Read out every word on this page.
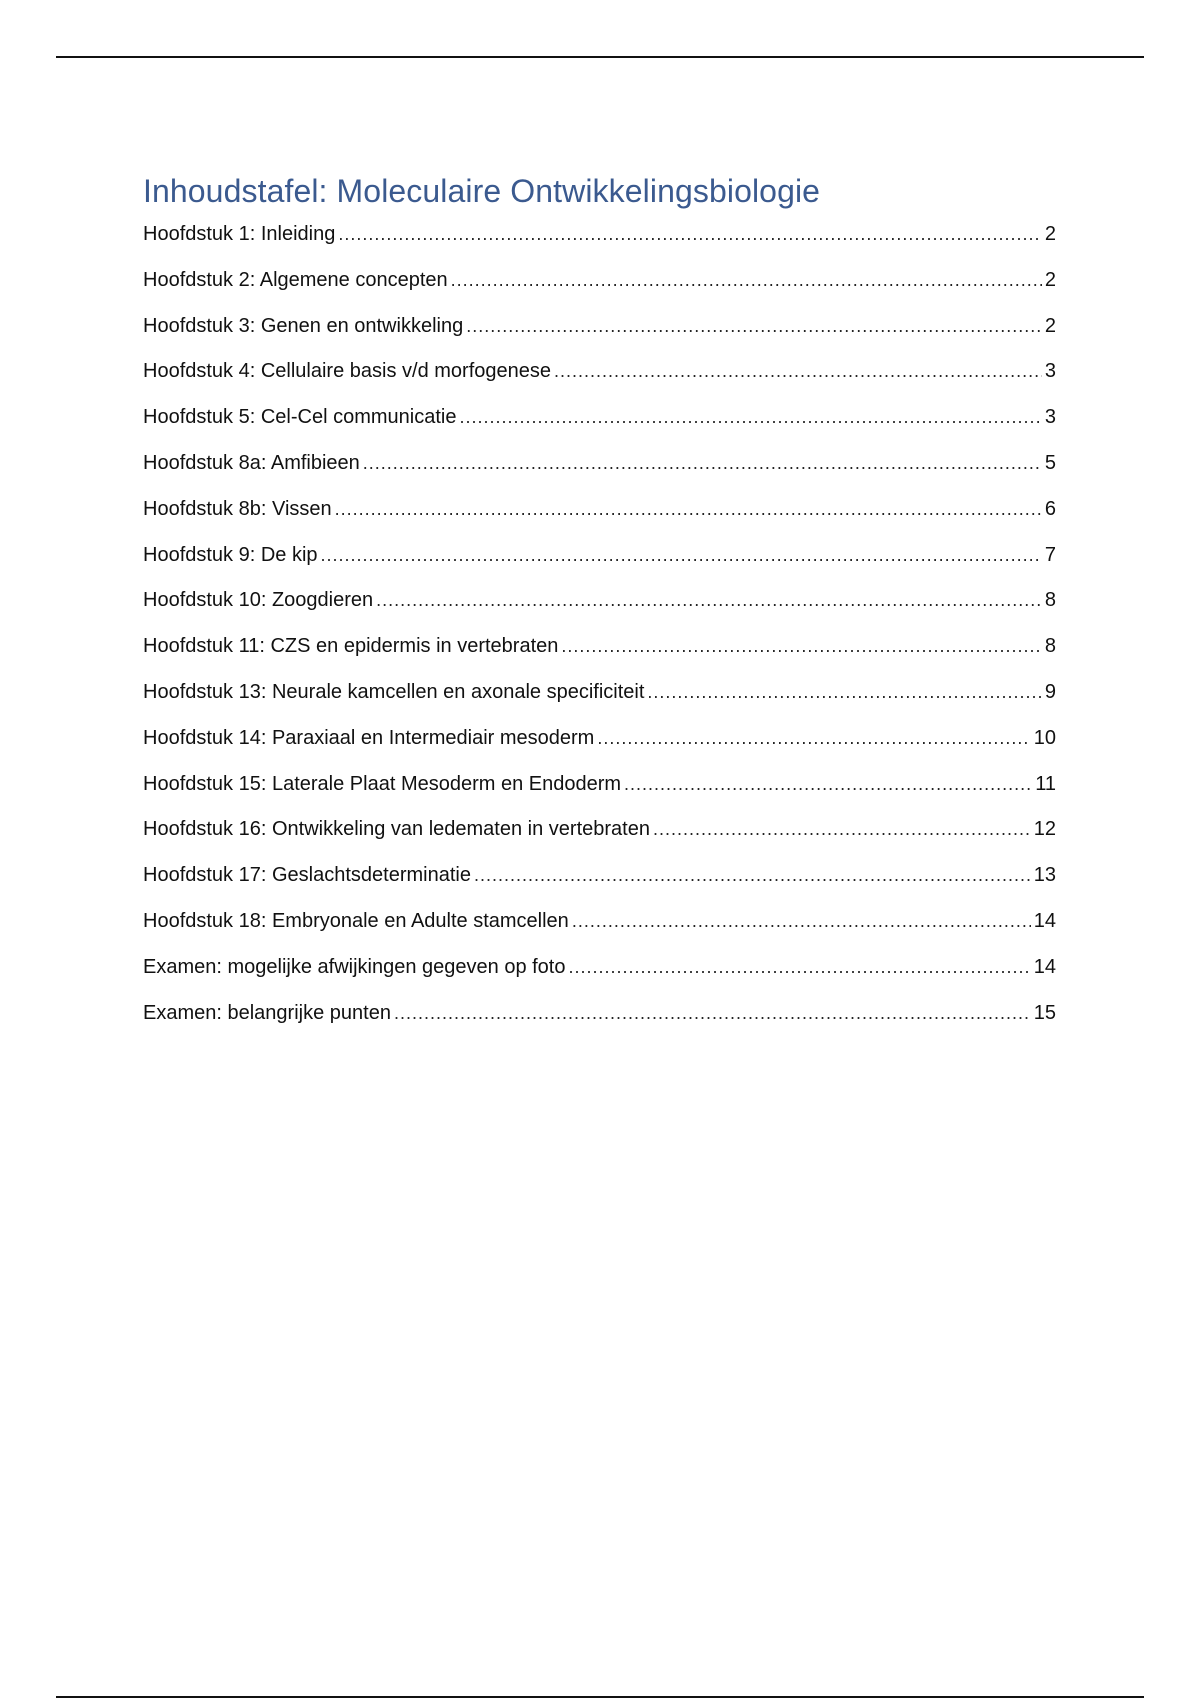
Inhoudstafel: Moleculaire Ontwikkelingsbiologie
Hoofdstuk 1: Inleiding .....	2
Hoofdstuk 2: Algemene concepten .....	2
Hoofdstuk 3: Genen en ontwikkeling .....	2
Hoofdstuk 4: Cellulaire basis v/d morfogenese .....	3
Hoofdstuk 5: Cel-Cel communicatie .....	3
Hoofdstuk 8a: Amfibieen .....	5
Hoofdstuk 8b: Vissen .....	6
Hoofdstuk 9: De kip .....	7
Hoofdstuk 10: Zoogdieren .....	8
Hoofdstuk 11: CZS en epidermis in vertebraten .....	8
Hoofdstuk 13: Neurale kamcellen en axonale specificiteit .....	9
Hoofdstuk 14: Paraxiaal en Intermediair mesoderm .....	10
Hoofdstuk 15: Laterale Plaat Mesoderm en Endoderm .....	11
Hoofdstuk 16: Ontwikkeling van ledematen in vertebraten .....	12
Hoofdstuk 17: Geslachtsdeterminatie .....	13
Hoofdstuk 18: Embryonale en Adulte stamcellen .....	14
Examen: mogelijke afwijkingen gegeven op foto .....	14
Examen: belangrijke punten .....	15
